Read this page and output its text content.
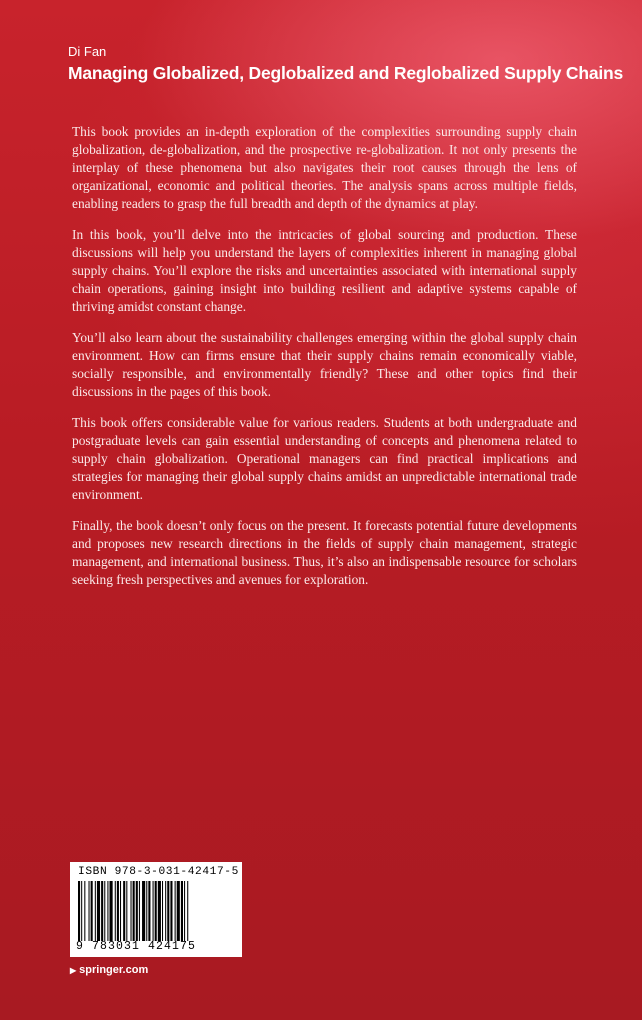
Di Fan
Managing Globalized, Deglobalized and Reglobalized Supply Chains

This book provides an in-depth exploration of the complexities surrounding supply chain globalization, de-globalization, and the prospective re-globalization. It not only presents the interplay of these phenomena but also navigates their root causes through the lens of organizational, economic and political theories. The analysis spans across multiple fields, enabling readers to grasp the full breadth and depth of the dynamics at play.

In this book, you’ll delve into the intricacies of global sourcing and production. These discussions will help you understand the layers of complexities inherent in managing global supply chains. You’ll explore the risks and uncertainties associated with international supply chain operations, gaining insight into building resilient and adaptive systems capable of thriving amidst constant change.

You’ll also learn about the sustainability challenges emerging within the global supply chain environment. How can firms ensure that their supply chains remain economically viable, socially responsible, and environmentally friendly? These and other topics find their discussions in the pages of this book.

This book offers considerable value for various readers. Students at both undergraduate and postgraduate levels can gain essential understanding of concepts and phenomena related to supply chain globalization. Operational managers can find practical implications and strategies for managing their global supply chains amidst an unpredictable international trade environment.

Finally, the book doesn’t only focus on the present. It forecasts potential future developments and proposes new research directions in the fields of supply chain management, strategic management, and international business. Thus, it’s also an indispensable resource for scholars seeking fresh perspectives and avenues for exploration.

ISBN 978-3-031-42417-5
9 783031 424175
▶ springer.com
